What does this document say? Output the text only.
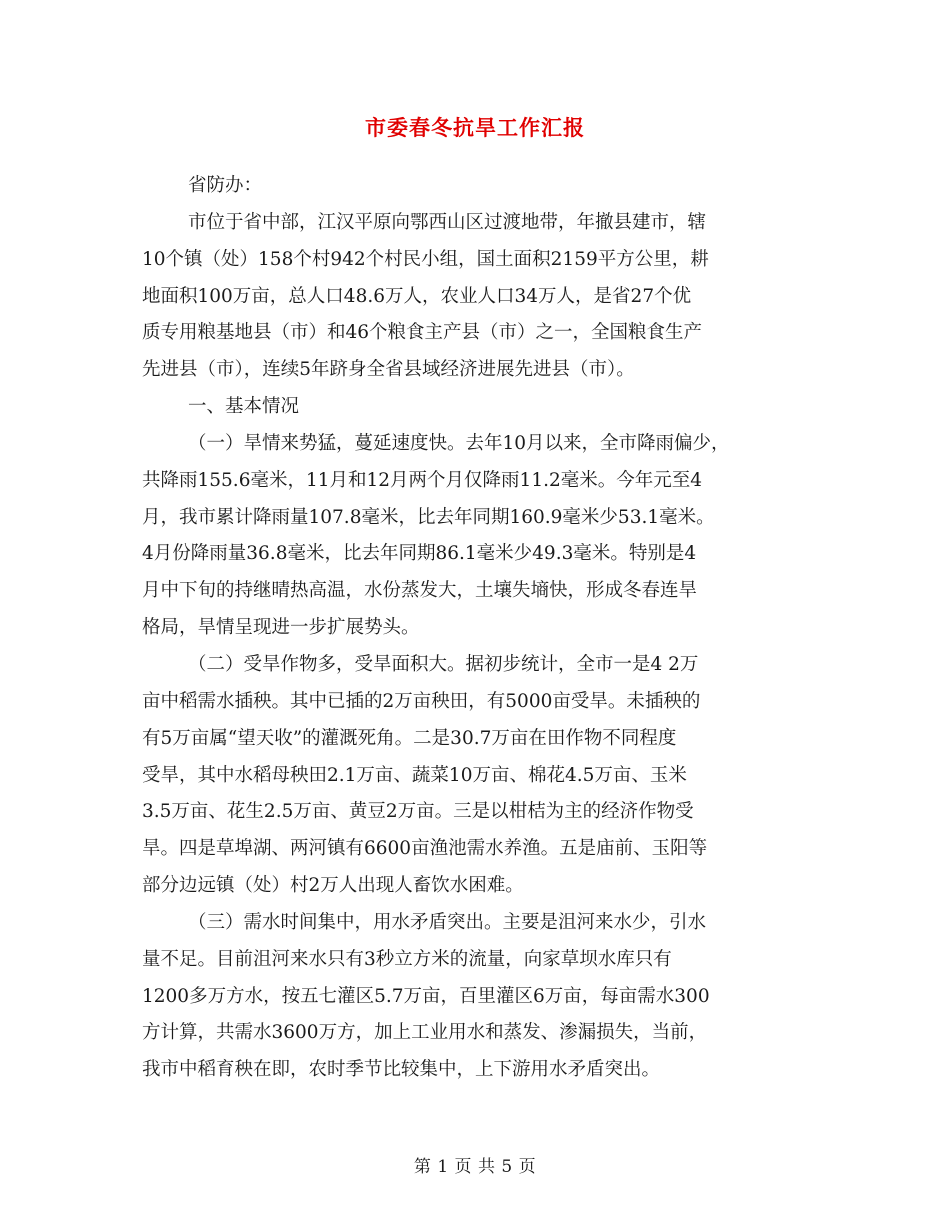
市委春冬抗旱工作汇报
省防办：
市位于省中部，江汉平原向鄂西山区过渡地带，年撤县建市，辖
10个镇（处）158个村942个村民小组，国土面积2159平方公里，耕
地面积100万亩，总人口48.6万人，农业人口34万人，是省27个优
质专用粮基地县（市）和46个粮食主产县（市）之一，全国粮食生产
先进县（市），连续5年跻身全省县域经济进展先进县（市）。
一、基本情况
（一）旱情来势猛，蔓延速度快。去年10月以来，全市降雨偏少，
共降雨155.6毫米，11月和12月两个月仅降雨11.2毫米。今年元至4
月，我市累计降雨量107.8毫米，比去年同期160.9毫米少53.1毫米。
4月份降雨量36.8毫米，比去年同期86.1毫米少49.3毫米。特别是4
月中下旬的持继晴热高温，水份蒸发大，土壤失墒快，形成冬春连旱
格局，旱情呈现进一步扩展势头。
（二）受旱作物多，受旱面积大。据初步统计，全市一是4 2万
亩中稻需水插秧。其中已插的2万亩秧田，有5000亩受旱。未插秧的
有5万亩属“望天收”的灌溉死角。二是30.7万亩在田作物不同程度
受旱，其中水稻母秧田2.1万亩、蔬菜10万亩、棉花4.5万亩、玉米
3.5万亩、花生2.5万亩、黄豆2万亩。三是以柑桔为主的经济作物受
旱。四是草埠湖、两河镇有6600亩渔池需水养渔。五是庙前、玉阳等
部分边远镇（处）村2万人出现人畜饮水困难。
（三）需水时间集中，用水矛盾突出。主要是沮河来水少，引水
量不足。目前沮河来水只有3秒立方米的流量，向家草坝水库只有
1200多万方水，按五七灌区5.7万亩，百里灌区6万亩，每亩需水300
方计算，共需水3600万方，加上工业用水和蒸发、渗漏损失，当前，
我市中稻育秧在即，农时季节比较集中，上下游用水矛盾突出。
第 1 页 共 5 页
